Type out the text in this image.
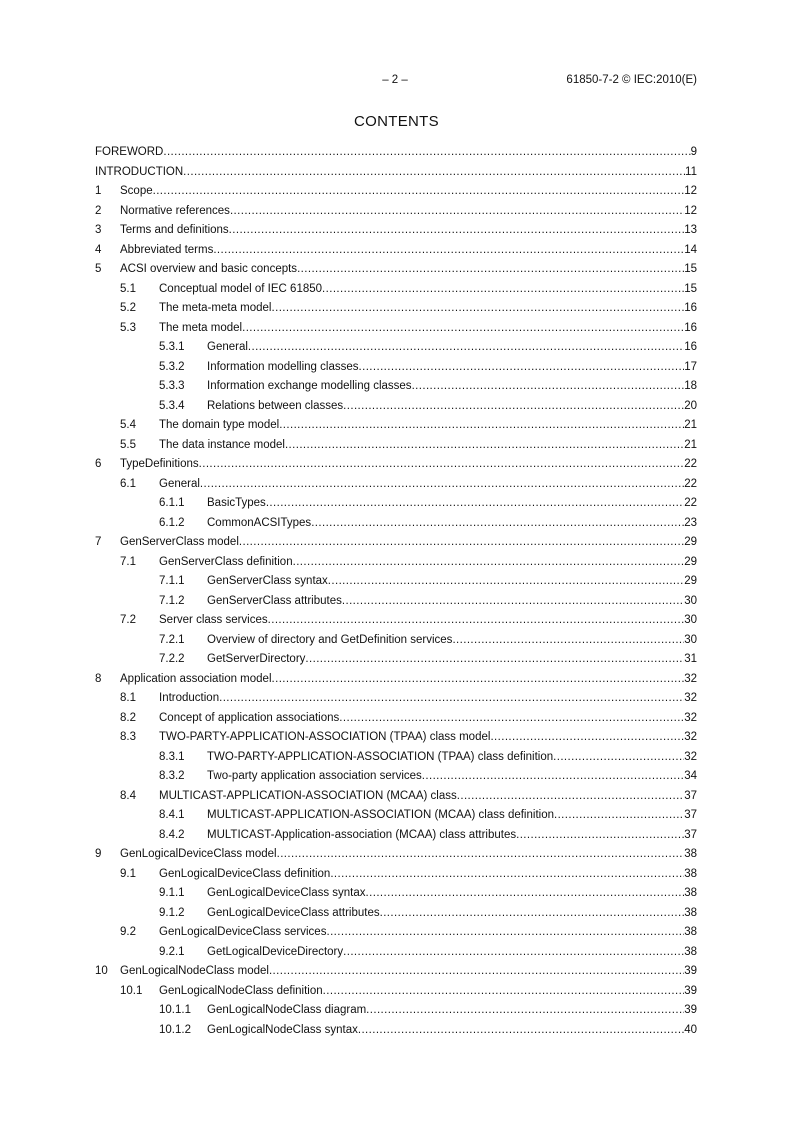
– 2 –	61850-7-2 © IEC:2010(E)
CONTENTS
FOREWORD .....	9
INTRODUCTION .....	11
1	Scope .....	12
2	Normative references .....	12
3	Terms and definitions .....	13
4	Abbreviated terms .....	14
5	ACSI overview and basic concepts .....	15
5.1	Conceptual model of IEC 61850 .....	15
5.2	The meta-meta model .....	16
5.3	The meta model .....	16
5.3.1	General .....	16
5.3.2	Information modelling classes .....	17
5.3.3	Information exchange modelling classes .....	18
5.3.4	Relations between classes .....	20
5.4	The domain type model .....	21
5.5	The data instance model .....	21
6	TypeDefinitions .....	22
6.1	General .....	22
6.1.1	BasicTypes .....	22
6.1.2	CommonACSITypes .....	23
7	GenServerClass model .....	29
7.1	GenServerClass definition .....	29
7.1.1	GenServerClass syntax .....	29
7.1.2	GenServerClass attributes .....	30
7.2	Server class services .....	30
7.2.1	Overview of directory and GetDefinition services .....	30
7.2.2	GetServerDirectory .....	31
8	Application association model .....	32
8.1	Introduction .....	32
8.2	Concept of application associations .....	32
8.3	TWO-PARTY-APPLICATION-ASSOCIATION (TPAA) class model .....	32
8.3.1	TWO-PARTY-APPLICATION-ASSOCIATION (TPAA) class definition .....	32
8.3.2	Two-party application association services .....	34
8.4	MULTICAST-APPLICATION-ASSOCIATION (MCAA) class .....	37
8.4.1	MULTICAST-APPLICATION-ASSOCIATION (MCAA) class definition .....	37
8.4.2	MULTICAST-Application-association (MCAA) class attributes .....	37
9	GenLogicalDeviceClass model .....	38
9.1	GenLogicalDeviceClass definition .....	38
9.1.1	GenLogicalDeviceClass syntax .....	38
9.1.2	GenLogicalDeviceClass attributes .....	38
9.2	GenLogicalDeviceClass services .....	38
9.2.1	GetLogicalDeviceDirectory .....	38
10	GenLogicalNodeClass model .....	39
10.1	GenLogicalNodeClass definition .....	39
10.1.1	GenLogicalNodeClass diagram .....	39
10.1.2	GenLogicalNodeClass syntax .....	40
